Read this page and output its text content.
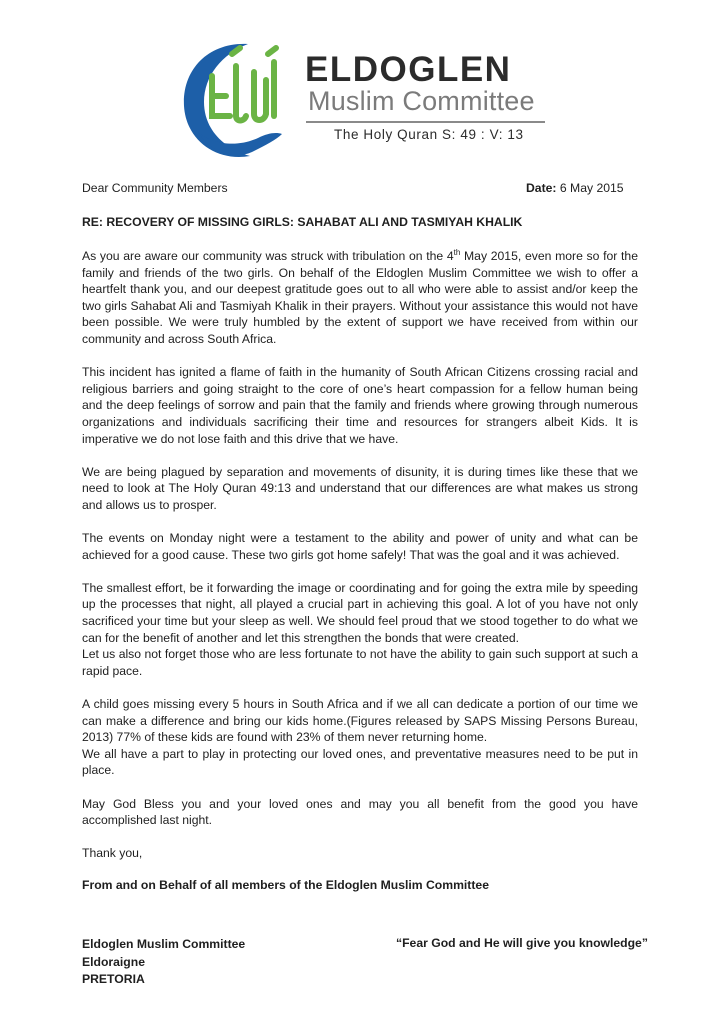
ELDOGLEN
Muslim Committee
The Holy Quran S: 49 : V: 13
Dear Community Members	Date: 6 May 2015
RE: RECOVERY OF MISSING GIRLS: SAHABAT ALI AND TASMIYAH KHALIK

As you are aware our community was struck with tribulation on the 4th May 2015, even more so for the family and friends of the two girls. On behalf of the Eldoglen Muslim Committee we wish to offer a heartfelt thank you, and our deepest gratitude goes out to all who were able to assist and/or keep the two girls Sahabat Ali and Tasmiyah Khalik in their prayers. Without your assistance this would not have been possible. We were truly humbled by the extent of support we have received from within our community and across South Africa.

This incident has ignited a flame of faith in the humanity of South African Citizens crossing racial and religious barriers and going straight to the core of one’s heart compassion for a fellow human being and the deep feelings of sorrow and pain that the family and friends where growing through numerous organizations and individuals sacrificing their time and resources for strangers albeit Kids. It is imperative we do not lose faith and this drive that we have.

We are being plagued by separation and movements of disunity, it is during times like these that we need to look at The Holy Quran 49:13 and understand that our differences are what makes us strong and allows us to prosper.

The events on Monday night were a testament to the ability and power of unity and what can be achieved for a good cause. These two girls got home safely! That was the goal and it was achieved.

The smallest effort, be it forwarding the image or coordinating and for going the extra mile by speeding up the processes that night, all played a crucial part in achieving this goal. A lot of you have not only sacrificed your time but your sleep as well. We should feel proud that we stood together to do what we can for the benefit of another and let this strengthen the bonds that were created.

Let us also not forget those who are less fortunate to not have the ability to gain such support at such a rapid pace.

A child goes missing every 5 hours in South Africa and if we all can dedicate a portion of our time we can make a difference and bring our kids home.(Figures released by SAPS Missing Persons Bureau, 2013) 77% of these kids are found with 23% of them never returning home.

We all have a part to play in protecting our loved ones, and preventative measures need to be put in place.

May God Bless you and your loved ones and may you all benefit from the good you have accomplished last night.

Thank you,
From and on Behalf of all members of the Eldoglen Muslim Committee
Eldoglen Muslim Committee
Eldoraigne
PRETORIA
“Fear God and He will give you knowledge”
